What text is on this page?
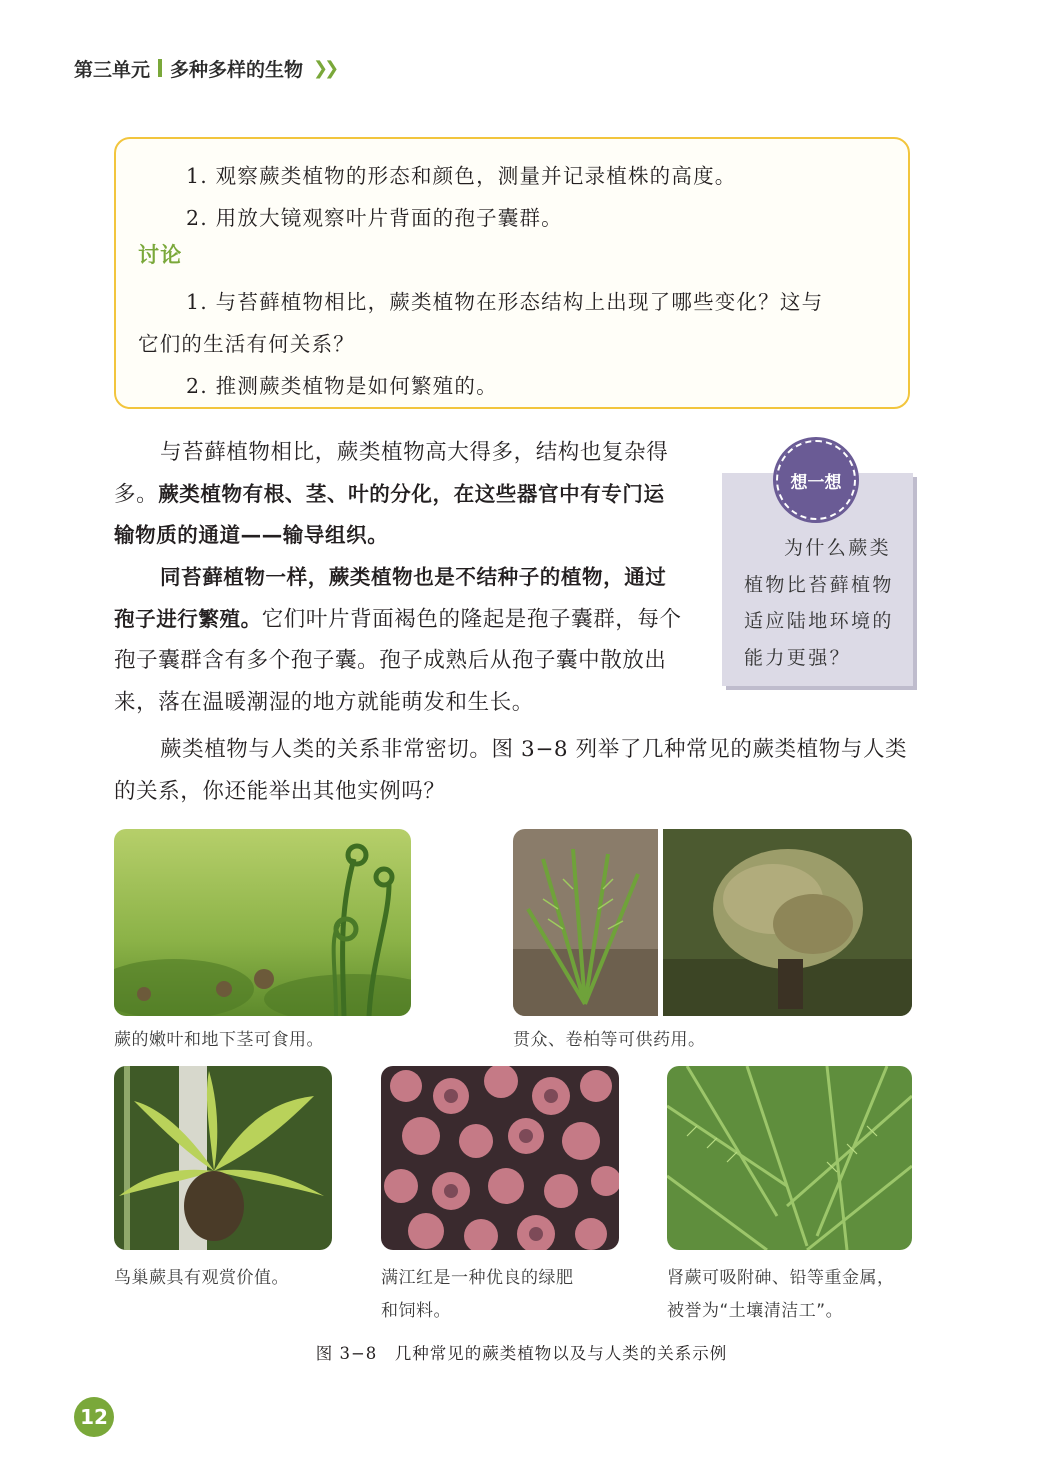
第三单元 多种多样的生物 ❯❯

1. 观察蕨类植物的形态和颜色，测量并记录植株的高度。

2. 用放大镜观察叶片背面的孢子囊群。

讨论

1. 与苔藓植物相比，蕨类植物在形态结构上出现了哪些变化？这与

它们的生活有何关系？

2. 推测蕨类植物是如何繁殖的。

与苔藓植物相比，蕨类植物高大得多，结构也复杂得多。蕨类植物有根、茎、叶的分化，在这些器官中有专门运输物质的通道——输导组织。

同苔藓植物一样，蕨类植物也是不结种子的植物，通过孢子进行繁殖。它们叶片背面褐色的隆起是孢子囊群，每个孢子囊群含有多个孢子囊。孢子成熟后从孢子囊中散放出来，落在温暖潮湿的地方就能萌发和生长。

蕨类植物与人类的关系非常密切。图 3−8 列举了几种常见的蕨类植物与人类的关系，你还能举出其他实例吗？

想一想

为什么蕨类植物比苔藓植物适应陆地环境的能力更强？

蕨的嫩叶和地下茎可食用。	贯众、卷柏等可供药用。

鸟巢蕨具有观赏价值。	满江红是一种优良的绿肥

和饲料。

肾蕨可吸附砷、铅等重金属，

被誉为“土壤清洁工”。

图 3−8　几种常见的蕨类植物以及与人类的关系示例

12
